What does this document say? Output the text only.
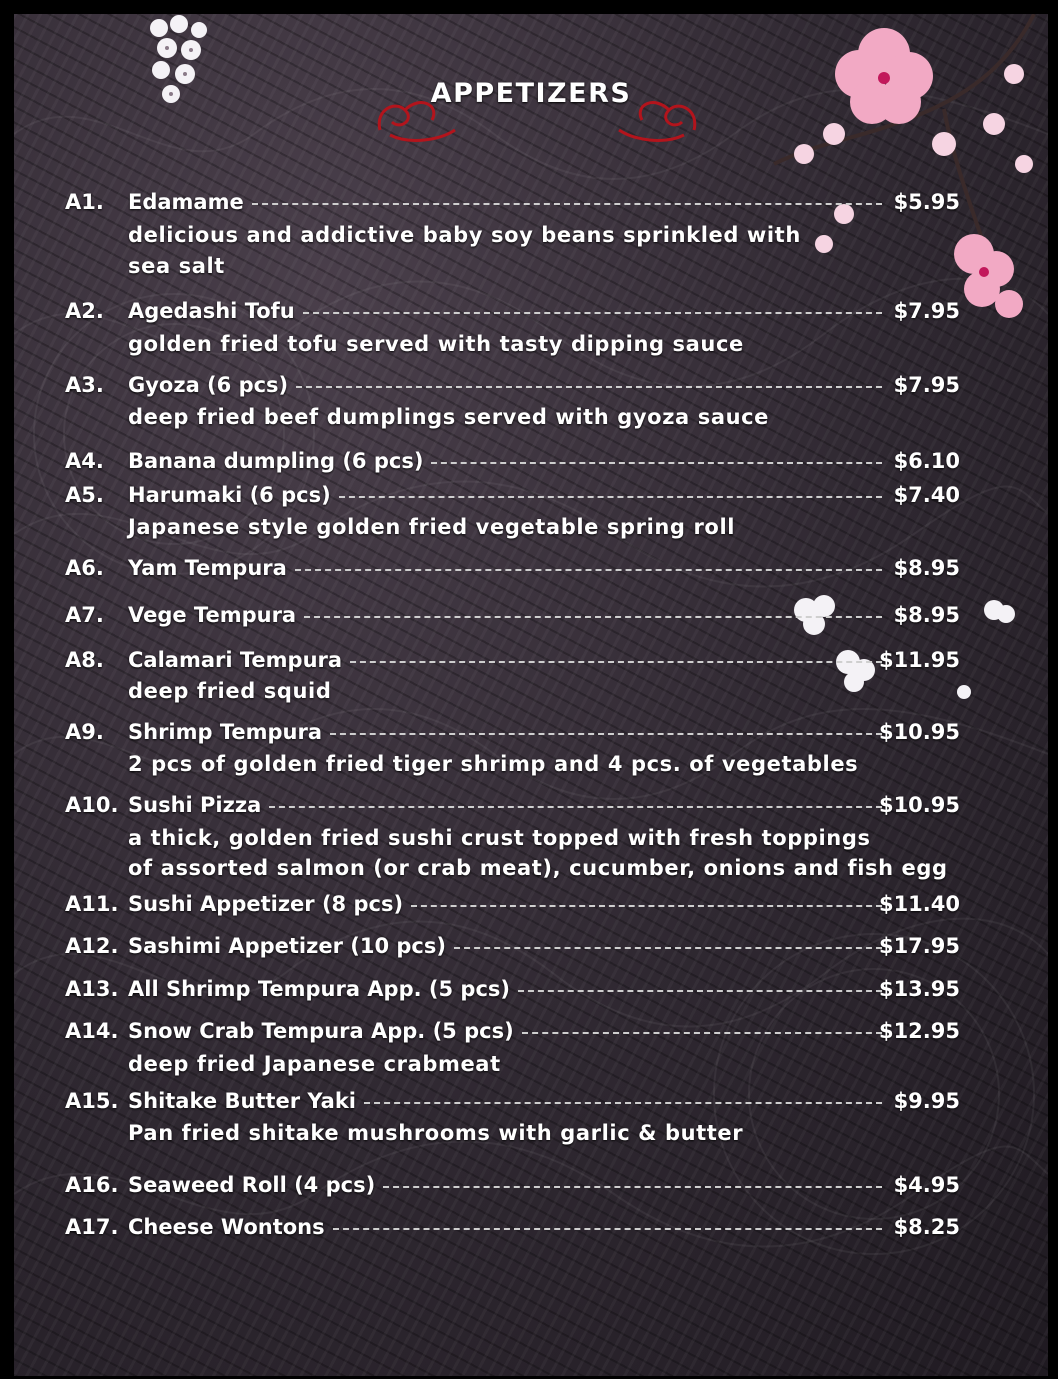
APPETIZERS
A1. Edamame	$5.95
delicious and addictive baby soy beans sprinkled with
sea salt
A2. Agedashi Tofu	$7.95
golden fried tofu served with tasty dipping sauce
A3. Gyoza (6 pcs)	$7.95
deep fried beef dumplings served with gyoza sauce
A4. Banana dumpling (6 pcs)	$6.10
A5. Harumaki (6 pcs)	$7.40
Japanese style golden fried vegetable spring roll
A6. Yam Tempura	$8.95
A7. Vege Tempura	$8.95
A8. Calamari Tempura	$11.95
deep fried squid
A9. Shrimp Tempura	$10.95
2 pcs of golden fried tiger shrimp and 4 pcs. of vegetables
A10. Sushi Pizza	$10.95
a thick, golden fried sushi crust topped with fresh toppings
of assorted salmon (or crab meat), cucumber, onions and fish egg
A11. Sushi Appetizer (8 pcs)	$11.40
A12. Sashimi Appetizer (10 pcs)	$17.95
A13. All Shrimp Tempura App. (5 pcs)	$13.95
A14. Snow Crab Tempura App. (5 pcs)	$12.95
deep fried Japanese crabmeat
A15. Shitake Butter Yaki	$9.95
Pan fried shitake mushrooms with garlic & butter
A16. Seaweed Roll (4 pcs)	$4.95
A17. Cheese Wontons	$8.25
